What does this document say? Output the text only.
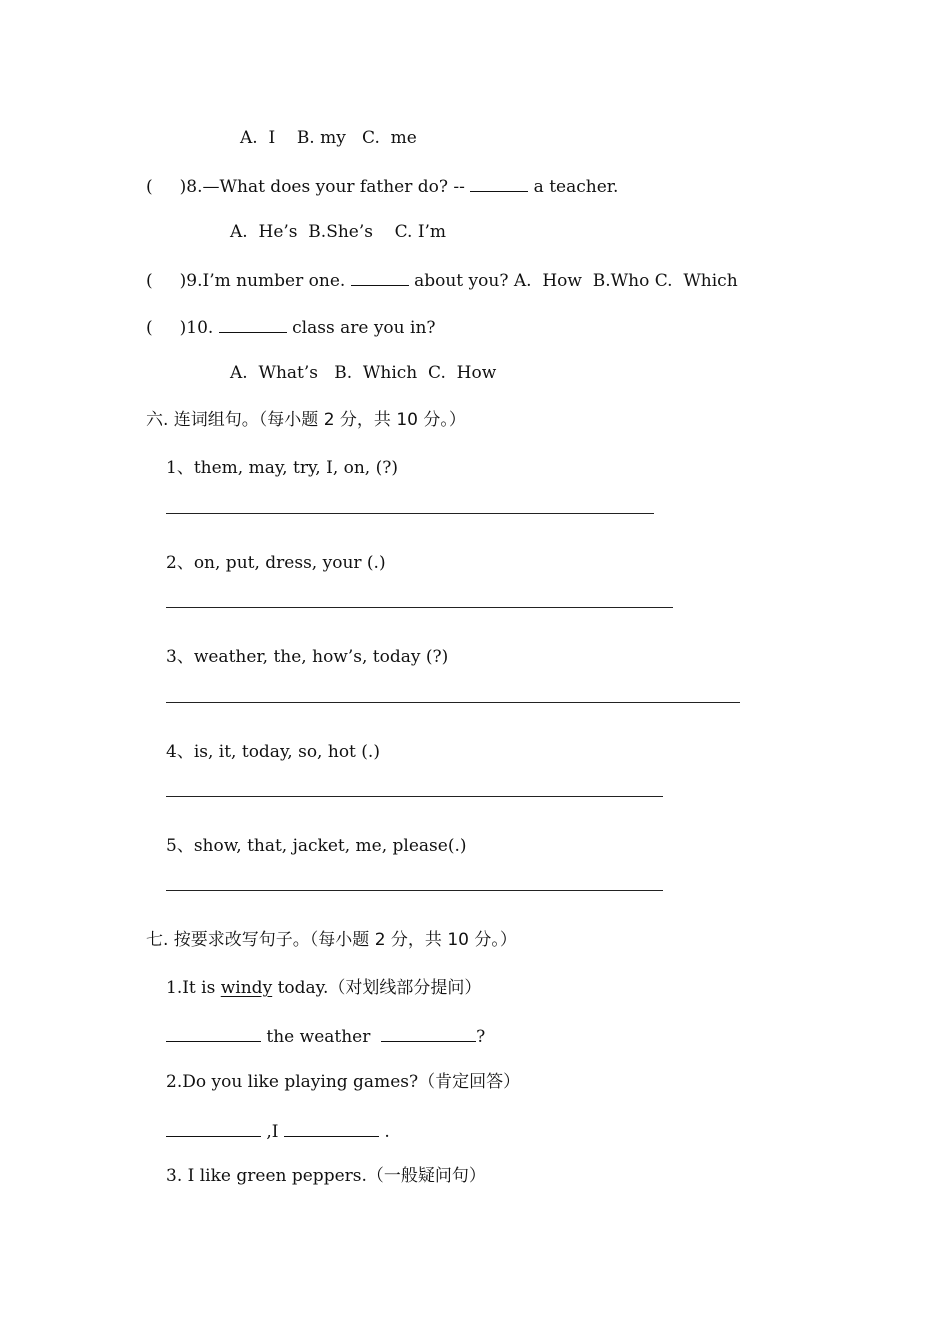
A.  I    B. my   C.  me
(     )8.—What does your father do? --	a teacher.
A.  He’s  B.She’s    C. I’m
(     )9.I’m number one.	about you? A.  How  B.Who C.  Which
(     )10.	class are you in?
A.  What’s   B.  Which  C.  How
六. 连词组句。（每小题 2 分，共 10 分。）
1、them, may, try, I, on, (?)
2、on, put, dress, your (.)
3、weather, the, how’s, today (?)
4、is, it, today, so, hot (.)
5、show, that, jacket, me, please(.)
七. 按要求改写句子。（每小题 2 分，共 10 分。）
1.It is windy today.（对划线部分提问）
the weather	?
2.Do you like playing games?（肯定回答）
,I	.
3. I like green peppers.（一般疑问句）
